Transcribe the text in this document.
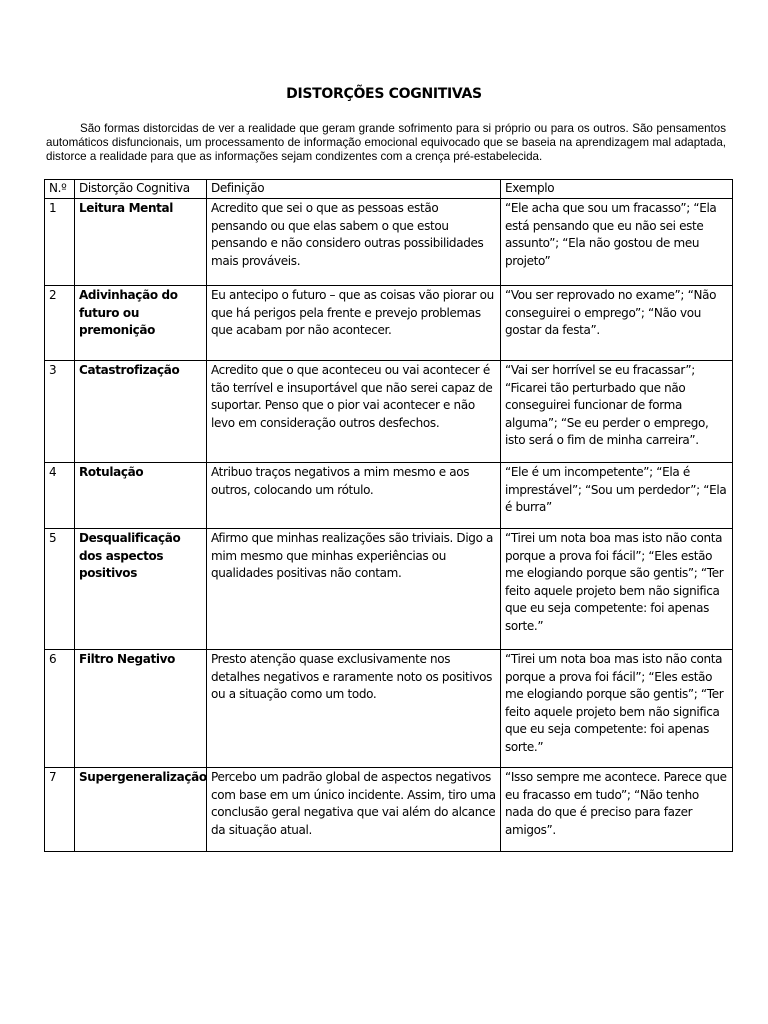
DISTORÇÕES COGNITIVAS
São formas distorcidas de ver a realidade que geram grande sofrimento para si próprio ou para os outros. São pensamentos automáticos disfuncionais, um processamento de informação emocional equivocado que se baseia na aprendizagem mal adaptada, distorce a realidade para que as informações sejam condizentes com a crença pré-estabelecida.
N.º	Distorção Cognitiva	Definição	Exemplo
1	Leitura Mental	Acredito que sei o que as pessoas estão pensando ou que elas sabem o que estou pensando e não considero outras possibilidades mais prováveis.	“Ele acha que sou um fracasso”; “Ela está pensando que eu não sei este assunto”; “Ela não gostou de meu projeto”
2	Adivinhação do futuro ou premonição	Eu antecipo o futuro – que as coisas vão piorar ou que há perigos pela frente e prevejo problemas que acabam por não acontecer.	“Vou ser reprovado no exame”; “Não conseguirei o emprego”; “Não vou gostar da festa”.
3	Catastrofização	Acredito que o que aconteceu ou vai acontecer é tão terrível e insuportável que não serei capaz de suportar. Penso que o pior vai acontecer e não levo em consideração outros desfechos.	“Vai ser horrível se eu fracassar”; “Ficarei tão perturbado que não conseguirei funcionar de forma alguma”; “Se eu perder o emprego, isto será o fim de minha carreira”.
4	Rotulação	Atribuo traços negativos a mim mesmo e aos outros, colocando um rótulo.	“Ele é um incompetente”; “Ela é imprestável”; “Sou um perdedor”; “Ela é burra”
5	Desqualificação dos aspectos positivos	Afirmo que minhas realizações são triviais. Digo a mim mesmo que minhas experiências ou qualidades positivas não contam.	“Tirei um nota boa mas isto não conta porque a prova foi fácil”; “Eles estão me elogiando porque são gentis”; “Ter feito aquele projeto bem não significa que eu seja competente: foi apenas sorte.”
6	Filtro Negativo	Presto atenção quase exclusivamente nos detalhes negativos e raramente noto os positivos ou a situação como um todo.	“Tirei um nota boa mas isto não conta porque a prova foi fácil”; “Eles estão me elogiando porque são gentis”; “Ter feito aquele projeto bem não significa que eu seja competente: foi apenas sorte.”
7	Supergeneralização	Percebo um padrão global de aspectos negativos com base em um único incidente. Assim, tiro uma conclusão geral negativa que vai além do alcance da situação atual.	“Isso sempre me acontece. Parece que eu fracasso em tudo”; “Não tenho nada do que é preciso para fazer amigos”.
